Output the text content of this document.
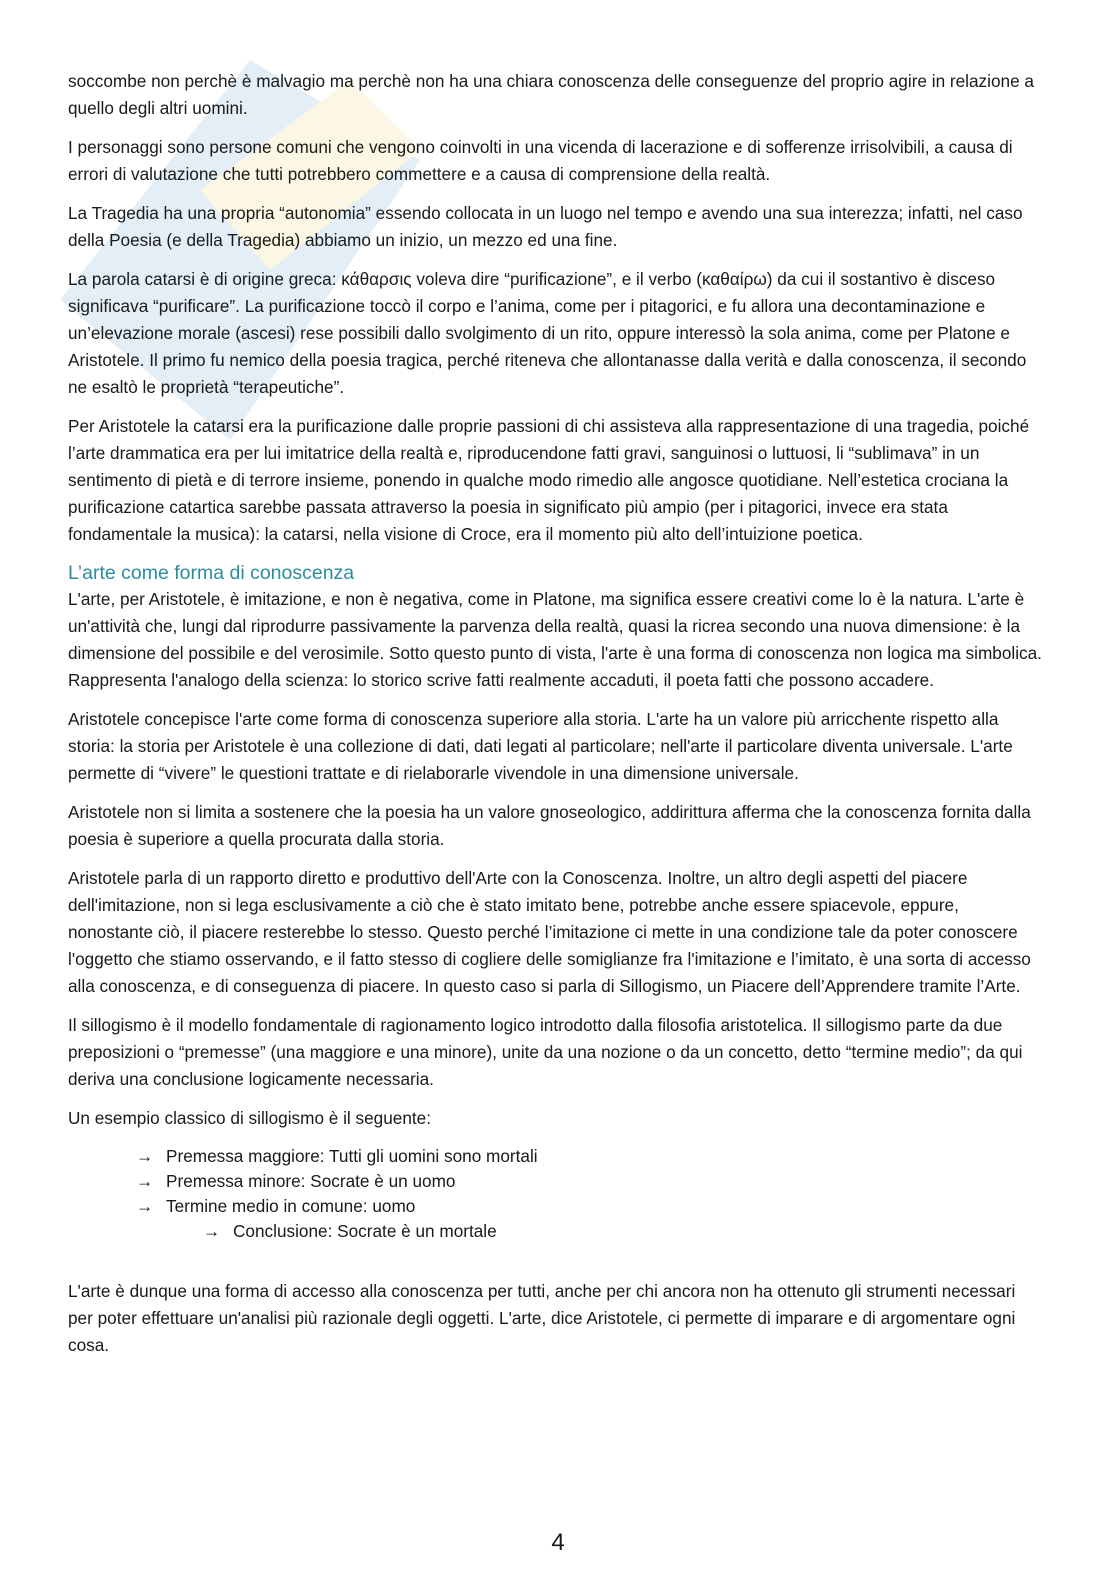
soccombe non perchè è malvagio ma perchè non ha una chiara conoscenza delle conseguenze del proprio agire in relazione a quello degli altri uomini.

I personaggi sono persone comuni che vengono coinvolti in una vicenda di lacerazione e di sofferenze irrisolvibili, a causa di errori di valutazione che tutti potrebbero commettere e a causa di comprensione della realtà.

La Tragedia ha una propria “autonomia” essendo collocata in un luogo nel tempo e avendo una sua interezza; infatti, nel caso della Poesia (e della Tragedia) abbiamo un inizio, un mezzo ed una fine.

La parola catarsi è di origine greca: κάθαρσις voleva dire “purificazione”, e il verbo (καθαίρω) da cui il sostantivo è disceso significava “purificare”. La purificazione toccò il corpo e l’anima, come per i pitagorici, e fu allora una decontaminazione e un’elevazione morale (ascesi) rese possibili dallo svolgimento di un rito, oppure interessò la sola anima, come per Platone e Aristotele. Il primo fu nemico della poesia tragica, perché riteneva che allontanasse dalla verità e dalla conoscenza, il secondo ne esaltò le proprietà “terapeutiche”.

Per Aristotele la catarsi era la purificazione dalle proprie passioni di chi assisteva alla rappresentazione di una tragedia, poiché l’arte drammatica era per lui imitatrice della realtà e, riproducendone fatti gravi, sanguinosi o luttuosi, li “sublimava” in un sentimento di pietà e di terrore insieme, ponendo in qualche modo rimedio alle angosce quotidiane. Nell’estetica crociana la purificazione catartica sarebbe passata attraverso la poesia in significato più ampio (per i pitagorici, invece era stata fondamentale la musica): la catarsi, nella visione di Croce, era il momento più alto dell’intuizione poetica.

L’arte come forma di conoscenza

L'arte, per Aristotele, è imitazione, e non è negativa, come in Platone, ma significa essere creativi come lo è la natura. L'arte è un'attività che, lungi dal riprodurre passivamente la parvenza della realtà, quasi la ricrea secondo una nuova dimensione: è la dimensione del possibile e del verosimile. Sotto questo punto di vista, l'arte è una forma di conoscenza non logica ma simbolica. Rappresenta l'analogo della scienza: lo storico scrive fatti realmente accaduti, il poeta fatti che possono accadere.

Aristotele concepisce l'arte come forma di conoscenza superiore alla storia. L'arte ha un valore più arricchente rispetto alla storia: la storia per Aristotele è una collezione di dati, dati legati al particolare; nell'arte il particolare diventa universale. L'arte permette di “vivere” le questioni trattate e di rielaborarle vivendole in una dimensione universale.

Aristotele non si limita a sostenere che la poesia ha un valore gnoseologico, addirittura afferma che la conoscenza fornita dalla poesia è superiore a quella procurata dalla storia.

Aristotele parla di un rapporto diretto e produttivo dell'Arte con la Conoscenza. Inoltre, un altro degli aspetti del piacere dell'imitazione, non si lega esclusivamente a ciò che è stato imitato bene, potrebbe anche essere spiacevole, eppure, nonostante ciò, il piacere resterebbe lo stesso. Questo perché l’imitazione ci mette in una condizione tale da poter conoscere l'oggetto che stiamo osservando, e il fatto stesso di cogliere delle somiglianze fra l'imitazione e l’imitato, è una sorta di accesso alla conoscenza, e di conseguenza di piacere. In questo caso si parla di Sillogismo, un Piacere dell’Apprendere tramite l’Arte.

Il sillogismo è il modello fondamentale di ragionamento logico introdotto dalla filosofia aristotelica. Il sillogismo parte da due preposizioni o “premesse” (una maggiore e una minore), unite da una nozione o da un concetto, detto “termine medio”; da qui deriva una conclusione logicamente necessaria.

Un esempio classico di sillogismo è il seguente:

→ Premessa maggiore: Tutti gli uomini sono mortali
→ Premessa minore: Socrate è un uomo
→ Termine medio in comune: uomo
→ Conclusione: Socrate è un mortale

L'arte è dunque una forma di accesso alla conoscenza per tutti, anche per chi ancora non ha ottenuto gli strumenti necessari per poter effettuare un'analisi più razionale degli oggetti. L'arte, dice Aristotele, ci permette di imparare e di argomentare ogni cosa.

4
